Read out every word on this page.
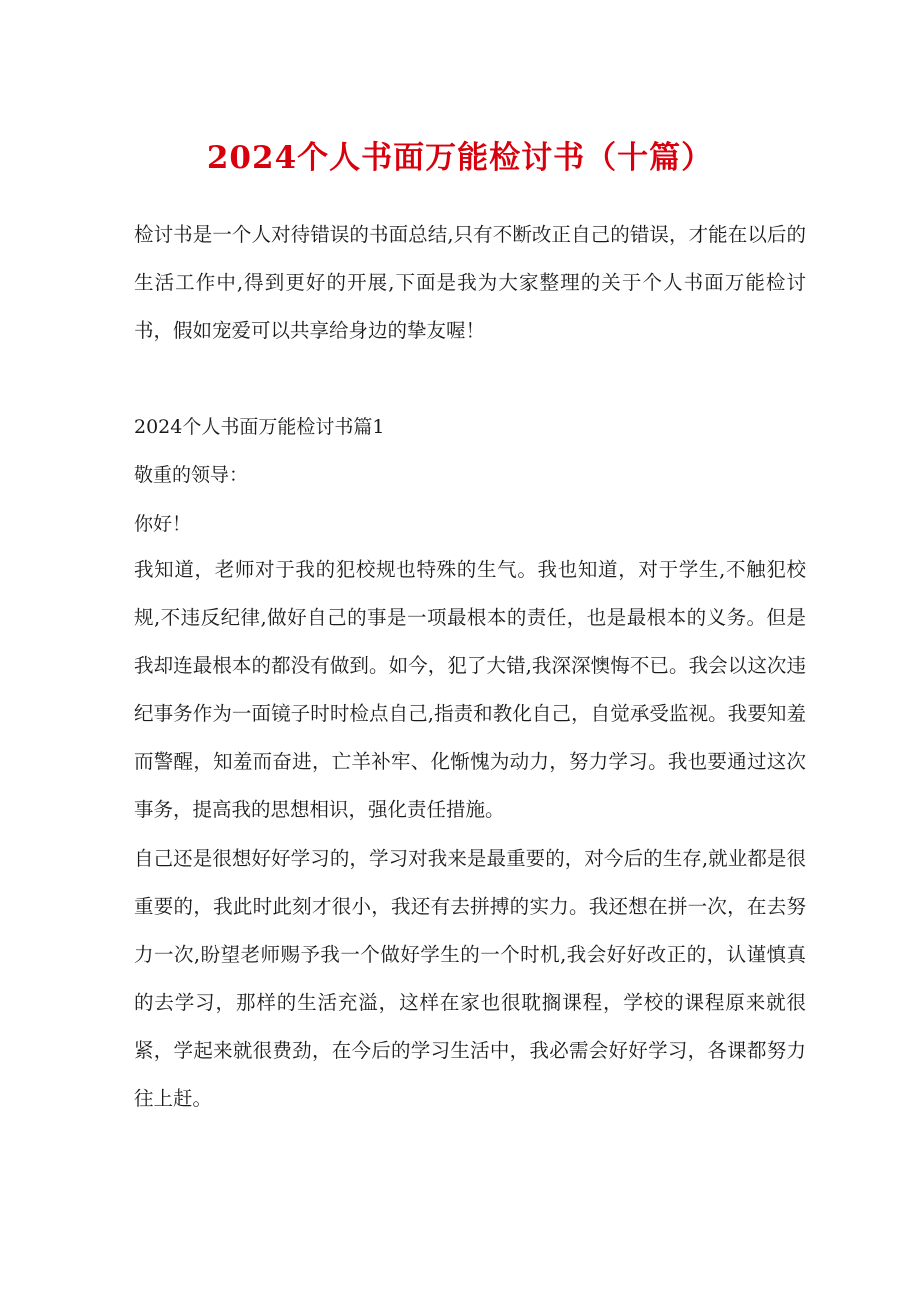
2024个人书面万能检讨书（十篇）
检讨书是一个人对待错误的书面总结,只有不断改正自己的错误，才能在以后的生活工作中,得到更好的开展,下面是我为大家整理的关于个人书面万能检讨书，假如宠爱可以共享给身边的挚友喔！
2024个人书面万能检讨书篇1
敬重的领导：
你好！
我知道，老师对于我的犯校规也特殊的生气。我也知道，对于学生,不触犯校规,不违反纪律,做好自己的事是一项最根本的责任，也是最根本的义务。但是我却连最根本的都没有做到。如今，犯了大错,我深深懊悔不已。我会以这次违纪事务作为一面镜子时时检点自己,指责和教化自己，自觉承受监视。我要知羞而警醒，知羞而奋进，亡羊补牢、化惭愧为动力，努力学习。我也要通过这次事务，提高我的思想相识，强化责任措施。
自己还是很想好好学习的，学习对我来是最重要的，对今后的生存,就业都是很重要的，我此时此刻才很小，我还有去拼搏的实力。我还想在拼一次，在去努力一次,盼望老师赐予我一个做好学生的一个时机,我会好好改正的，认谨慎真的去学习，那样的生活充溢，这样在家也很耽搁课程，学校的课程原来就很紧，学起来就很费劲，在今后的学习生活中，我必需会好好学习，各课都努力往上赶。
